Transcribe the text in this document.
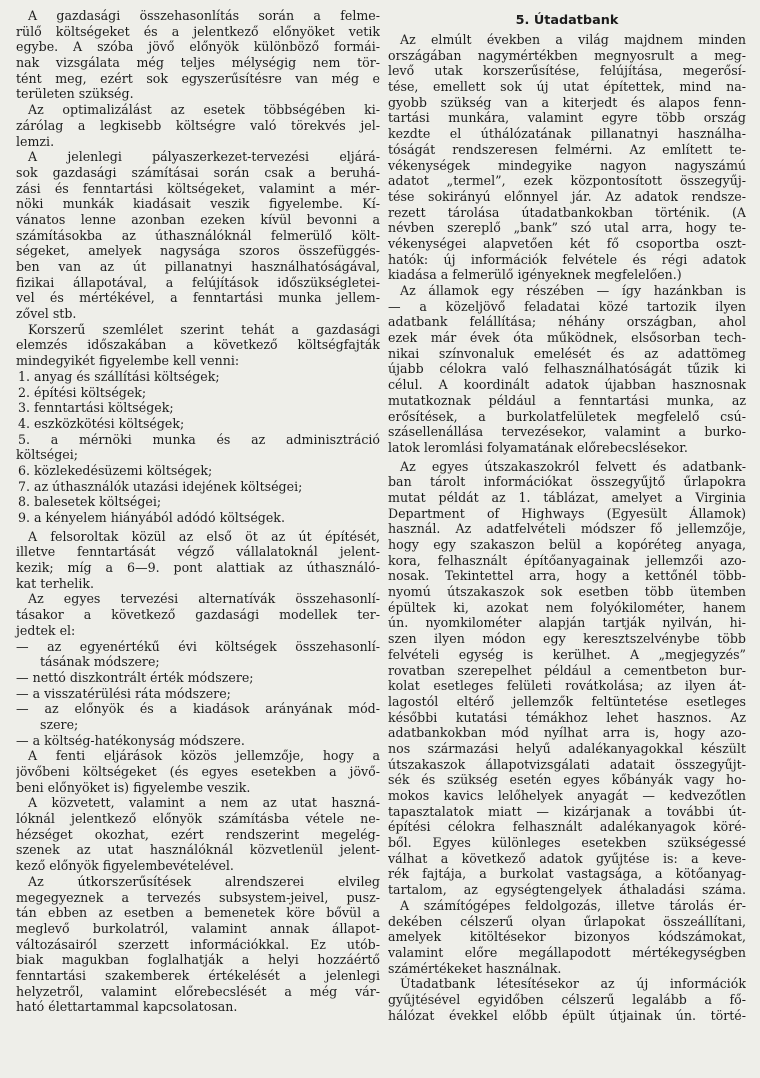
A gazdasági összehasonlítás során a felme-
rülő költségeket és a jelentkező előnyöket vetik
egybe. A szóba jövő előnyök különböző formái-
nak vizsgálata még teljes mélységig nem tör-
tént meg, ezért sok egyszerűsítésre van még e
területen szükség.
Az optimalizálást az esetek többségében ki-
zárólag a legkisebb költségre való törekvés jel-
lemzi.
A jelenlegi pályaszerkezet-tervezési eljárá-
sok gazdasági számításai során csak a beruhá-
zási és fenntartási költségeket, valamint a mér-
nöki munkák kiadásait veszik figyelembe. Kí-
vánatos lenne azonban ezeken kívül bevonni a
számításokba az úthasználóknál felmerülő költ-
ségeket, amelyek nagyságа szoros összefüggés-
ben van az út pillanatnyi használhatóságával,
fizikai állapotával, a felújítások időszükségletei-
vel és mértékével, a fenntartási munka jellem-
zővel stb.
Korszerű szemlélet szerint tehát a gazdasági
elemzés időszakában a következő költségfajták
mindegyikét figyelembe kell venni:
1. anyag és szállítási költségek;
2. építési költségek;
3. fenntartási költségek;
4. eszközkötési költségek;
5. a mérnöki munka és az adminisztráció
költségei;
6. közlekedésüzemi költségek;
7. az úthasználók utazási idejének költségei;
8. balesetek költségei;
9. a kényelem hiányából adódó költségek.
A felsoroltak közül az első öt az út építését,
illetve fenntartását végző vállalatoknál jelent-
kezik; míg a 6—9. pont alattiak az úthasználó-
kat terhelik.
Az egyes tervezési alternatívák összehasonlí-
tásakor a következő gazdasági modellek ter-
jedtek el:
— az egyenértékű évi költségek összehasonlí-
tásának módszere;
— nettó diszkontrált érték módszere;
— a visszatérülési ráta módszere;
— az előnyök és a kiadások arányának mód-
szere;
— a költség-hatékonyság módszere.
A fenti eljárások közös jellemzője, hogy a
jövőbeni költségeket (és egyes esetekben a jövő-
beni előnyöket is) figyelembe veszik.
A közvetett, valamint a nem az utat haszná-
lóknál jelentkező előnyök számításba vétele ne-
hézséget okozhat, ezért rendszerint megelég-
szenek az utat használóknál közvetlenül jelent-
kező előnyök figyelembevételével.
Az útkorszerűsítések alrendszerei elvileg
megegyeznek a tervezés subsystem-jeivel, pusz-
tán ebben az esetben a bemenetek köre bővül a
meglevő burkolatról, valamint annak állapot-
változásairól szerzett információkkal. Ez utób-
biak magukban foglalhatják a helyi hozzáértő
fenntartási szakemberek értékelését a jelenlegi
helyzetről, valamint előrebecslését a még vár-
ható élettartammal kapcsolatosan.
5. Útadatbank
Az elmúlt években a világ majdnem minden
országában nagymértékben megnyosrult a meg-
levő utak korszerűsítése, felújítása, megerősí-
tése, emellett sok új utat építettek, mind na-
gyobb szükség van a kiterjedt és alapos fenn-
tartási munkára, valamint egyre több ország
kezdte el úthálózatának pillanatnyi használha-
tóságát rendszeresen felmérni. Az említett te-
vékenységek mindegyike nagyon nagyszámú
adatot „termel”, ezek központosított összegyűj-
tése sokirányú előnnyel jár. Az adatok rendsze-
rezett tárolása útadatbankokban történik. (A
névben szereplő „bank” szó utal arra, hogy te-
vékenységei alapvetően két fő csoportba oszt-
hatók: új információk felvétele és régi adatok
kiadása a felmerülő igényeknek megfelelően.)
Az államok egy részében — így hazánkban is
— a közeljövő feladatai közé tartozik ilyen
adatbank felállítása; néhány országban, ahol
ezek már évek óta működnek, elsősorban tech-
nikai színvonaluk emelését és az adattömeg
újabb célokra való felhasználhatóságát tűzik ki
célul. A koordinált adatok újabban hasznosnak
mutatkoznak például a fenntartási munka, az
erősítések, a burkolatfelületek megfelelő csú-
szásellenállása tervezésekor, valamint a burko-
latok leromlási folyamatának előrebecslésekor.
Az egyes útszakaszokról felvett és adatbank-
ban tárolt információkat összegyűjtő űrlapokra
mutat példát az 1. táblázat, amelyet a Virginia
Department of Highways (Egyesült Államok)
használ. Az adatfelvételi módszer fő jellemzője,
hogy egy szakaszon belül a kopóréteg anyaga,
kora, felhasznált építőanyagainak jellemzői azo-
nosak. Tekintettel arra, hogy a kettőnél több-
nyomú útszakaszok sok esetben több ütemben
épültek ki, azokat nem folyókilométer, hanem
ún. nyomkilométer alapján tartják nyilván, hi-
szen ilyen módon egy keresztszelvénybe több
felvételi egység is kerülhet. A „megjegyzés”
rovatban szerepelhet például a cementbeton bur-
kolat esetleges felületi rovátkolása; az ilyen át-
lagostól eltérő jellemzők feltüntetése esetleges
későbbi kutatási témákhoz lehet hasznos. Az
adatbankokban mód nyílhat arra is, hogy azo-
nos származási helyű adalékanyagokkal készült
útszakaszok állapotvizsgálati adatait összegyűjt-
sék és szükség esetén egyes kőbányák vagy ho-
mokos kavics lelőhelyek anyagát — kedvezőtlen
tapasztalatok miatt — kizárjanak a további út-
építési célokra felhasznált adalékanyagok köré-
ből. Egyes különleges esetekben szükségessé
válhat a következő adatok gyűjtése is: a kevе-
rék fajtája, a burkolat vastagsága, a kötőanyag-
tartalom, az egységtengelyek áthaladási száma.
A számítógépes feldolgozás, illetve tárolás ér-
dekében célszerű olyan űrlapokat összeállítani,
amelyek kitöltésekor bizonyos kódszámokat,
valamint előre megállapodott mértékegységben
számértékeket használnak.
Útadatbank létesítésekor az új információk
gyűjtésével egyidőben célszerű legalább a fő-
hálózat évekkel előbb épült útjainak ún. törté-
